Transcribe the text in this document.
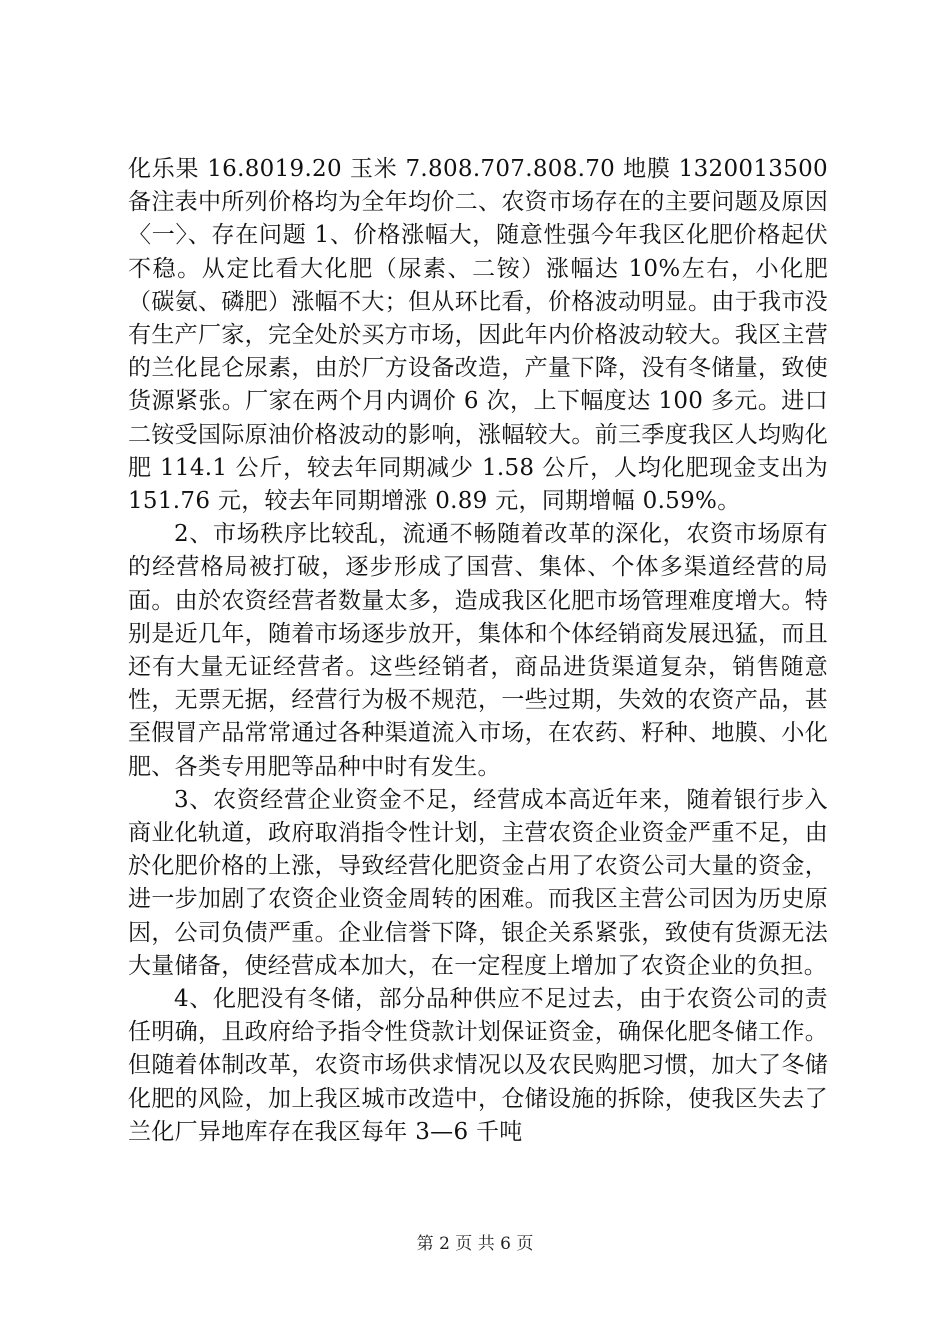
化乐果 16.8019.20 玉米 7.808.707.808.70 地膜 1320013500 备注表中所列价格均为全年均价二、农资市场存在的主要问题及原因〈一〉、存在问题 1、价格涨幅大，随意性强今年我区化肥价格起伏不稳。从定比看大化肥（尿素、二铵）涨幅达 10%左右，小化肥（碳氨、磷肥）涨幅不大；但从环比看，价格波动明显。由于我市没有生产厂家，完全处於买方市场，因此年内价格波动较大。我区主营的兰化昆仑尿素，由於厂方设备改造，产量下降，没有冬储量，致使货源紧张。厂家在两个月内调价 6 次，上下幅度达 100 多元。进口二铵受国际原油价格波动的影响，涨幅较大。前三季度我区人均购化肥 114.1 公斤，较去年同期减少 1.58 公斤，人均化肥现金支出为 151.76 元，较去年同期增涨 0.89 元，同期增幅 0.59%。

2、市场秩序比较乱，流通不畅随着改革的深化，农资市场原有的经营格局被打破，逐步形成了国营、集体、个体多渠道经营的局面。由於农资经营者数量太多，造成我区化肥市场管理难度增大。特别是近几年，随着市场逐步放开，集体和个体经销商发展迅猛，而且还有大量无证经营者。这些经销者，商品进货渠道复杂，销售随意性，无票无据，经营行为极不规范，一些过期，失效的农资产品，甚至假冒产品常常通过各种渠道流入市场，在农药、籽种、地膜、小化肥、各类专用肥等品种中时有发生。

3、农资经营企业资金不足，经营成本高近年来，随着银行步入商业化轨道，政府取消指令性计划，主营农资企业资金严重不足，由於化肥价格的上涨，导致经营化肥资金占用了农资公司大量的资金，进一步加剧了农资企业资金周转的困难。而我区主营公司因为历史原因，公司负债严重。企业信誉下降，银企关系紧张，致使有货源无法大量储备，使经营成本加大，在一定程度上增加了农资企业的负担。

4、化肥没有冬储，部分品种供应不足过去，由于农资公司的责任明确，且政府给予指令性贷款计划保证资金，确保化肥冬储工作。但随着体制改革，农资市场供求情况以及农民购肥习惯，加大了冬储化肥的风险，加上我区城市改造中，仓储设施的拆除，使我区失去了兰化厂异地库存在我区每年 3—6 千吨

第 2 页 共 6 页
